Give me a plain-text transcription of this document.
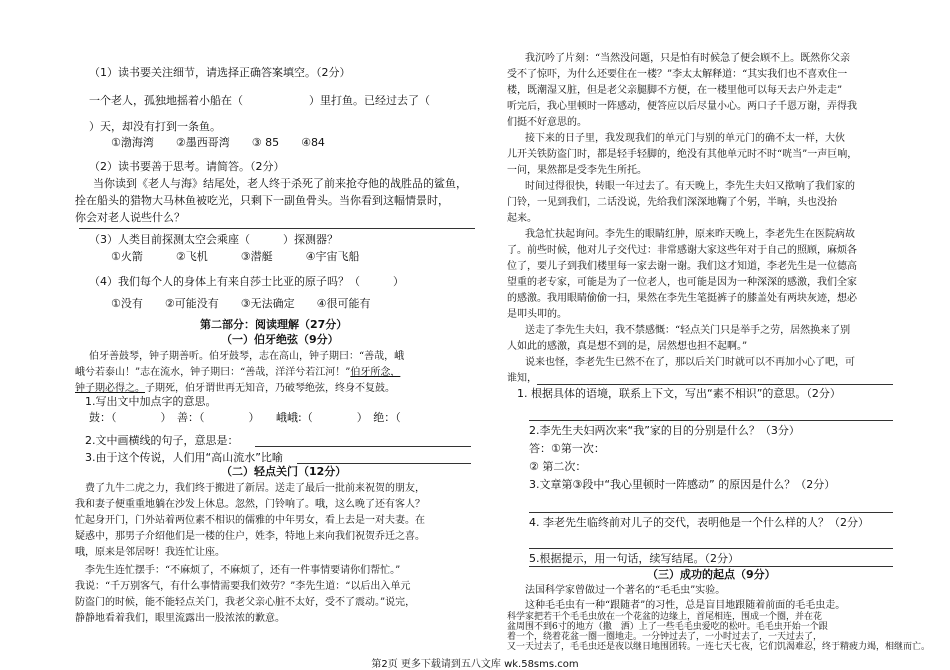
（1）读书要关注细节，请选择正确答案填空。（2分）
一个老人，孤独地摇着小船在（　　　　　　）里打鱼。已经过去了（
）天，却没有打到一条鱼。
①渤海湾　　②墨西哥湾　　③ 85　　④84
（2）读书要善于思考。请简答。（2分）
当你读到《老人与海》结尾处，老人终于杀死了前来抢夺他的战胜品的鲨鱼，
拴在船头的猎物大马林鱼被吃光，只剩下一副鱼骨头。当你看到这幅情景时，
你会对老人说些什么？
（3）人类目前探测太空会乘座（　　　）探测器？
①火箭　　　②飞机　　　③潜艇　　　④宇宙飞船
（4）我们每个人的身体上有来自莎士比亚的原子吗？（　　　）
①没有　　②可能没有　　③无法确定　　④很可能有
第二部分：阅读理解（27分）
（一）伯牙绝弦（9分）
伯牙善鼓琴，钟子期善听。伯牙鼓琴，志在高山，钟子期曰：“善哉，峨
峨兮若泰山！”志在流水，钟子期曰：“善哉，洋洋兮若江河！”伯牙所念，
钟子期必得之。子期死，伯牙谓世再无知音，乃破琴绝弦，终身不复鼓。
1.写出文中加点字的意思。
鼓：（　　　　）　善：（　　　　）　　峨峨:（　　　　）　绝：（
2.文中画横线的句子，意思是：
3.由于这个传说，人们用“高山流水”比喻
（二）轻点关门（12分）
费了九牛二虎之力，我们终于搬进了新居。送走了最后一批前来祝贺的朋友，
我和妻子便重重地躺在沙发上休息。忽然，门铃响了。哦，这么晚了还有客人？
忙起身开门，门外站着两位素不相识的儒雅的中年男女，看上去是一对夫妻。在
疑惑中，那男子介绍他们是一楼的住户，姓李，特地上来向我们祝贺乔迁之喜。
哦，原来是邻居呀！我连忙让座。
李先生连忙摆手：“不麻烦了，不麻烦了，还有一件事情要请你们帮忙。”
我说：“千万别客气，有什么事情需要我们效劳？”李先生道：“以后出入单元
防盗门的时候，能不能轻点关门，我老父亲心脏不太好，受不了震动。”说完，
静静地看着我们，眼里流露出一股浓浓的歉意。
我沉吟了片刻：“当然没问题，只是怕有时候急了便会顾不上。既然你父亲
受不了惊吓，为什么还要住在一楼？”李太太解释道：“其实我们也不喜欢住一
楼，既潮湿又脏，但是老父亲腿脚不方便，在一楼里他可以每天去户外走走”
听完后，我心里顿时一阵感动，便答应以后尽量小心。两口子千恩万谢，弄得我
们挺不好意思的。
接下来的日子里，我发现我们的单元门与别的单元门的确不太一样，大伙
儿开关铁防盗门时，都是轻手轻脚的，绝没有其他单元时不时“咣当”一声巨响，
一问，果然都是受李先生所托。
时间过得很快，转眼一年过去了。有天晚上，李先生夫妇又揿响了我们家的
门铃，一见到我们，二话没说，先给我们深深地鞠了个躬，半晌，头也没抬
起来。
我急忙扶起询问。李先生的眼睛红肿，原来昨天晚上，李老先生在医院病故
了。前些时候，他对儿子交代过：非常感谢大家这些年对于自己的照顾，麻烦各
位了，要儿子到我们楼里每一家去谢一谢。我们这才知道，李老先生是一位德高
望重的老专家，可能是为了一位老人，也可能是因为一种深深的感激，我们全家
的感激。我用眼睛偷偷一扫，果然在李先生笔挺裤子的膝盖处有两块灰迹，想必
是叩头叩的。
送走了李先生夫妇，我不禁感慨：“轻点关门只是举手之劳，居然换来了别
人如此的感激，真是想不到的是，居然想也担不起啊。”
说来也怪，李老先生已然不在了，那以后关门时就可以不再加小心了吧，可
谁知，
1. 根据具体的语境，联系上下文，写出“素不相识”的意思。（2分）
2.李先生夫妇两次来“我”家的目的分别是什么？（3分）
答：①第一次：
② 第二次：
3.文章第③段中“我心里顿时一阵感动” 的原因是什么？（2分）
4. 李老先生临终前对儿子的交代，表明他是一个什么样的人？（2分）
5.根据提示，用一句话，续写结尾。（2分）
（三）成功的起点（9分）
法国科学家曾做过一个著名的“毛毛虫”实验。
这种毛毛虫有一种“跟随者”的习性，总是盲目地跟随着前面的毛毛虫走。
科学家把若干个毛毛虫放在一个花盆的边缘上，首尾相连，围成一个圈，并在花
盆周围不到6寸的地方（撒　洒）上了一些毛毛虫爱吃的松叶。毛毛虫开始一个跟
着一个，绕着花盆一圈一圈地走。一分钟过去了，一小时过去了，一天过去了，
又一天过去了，毛毛虫还是夜以继日地围团转。一连七天七夜，它们饥渴难忍，终于精疲力竭，相继而亡。
第2页 更多下载请到五八文库 wk.58sms.com
